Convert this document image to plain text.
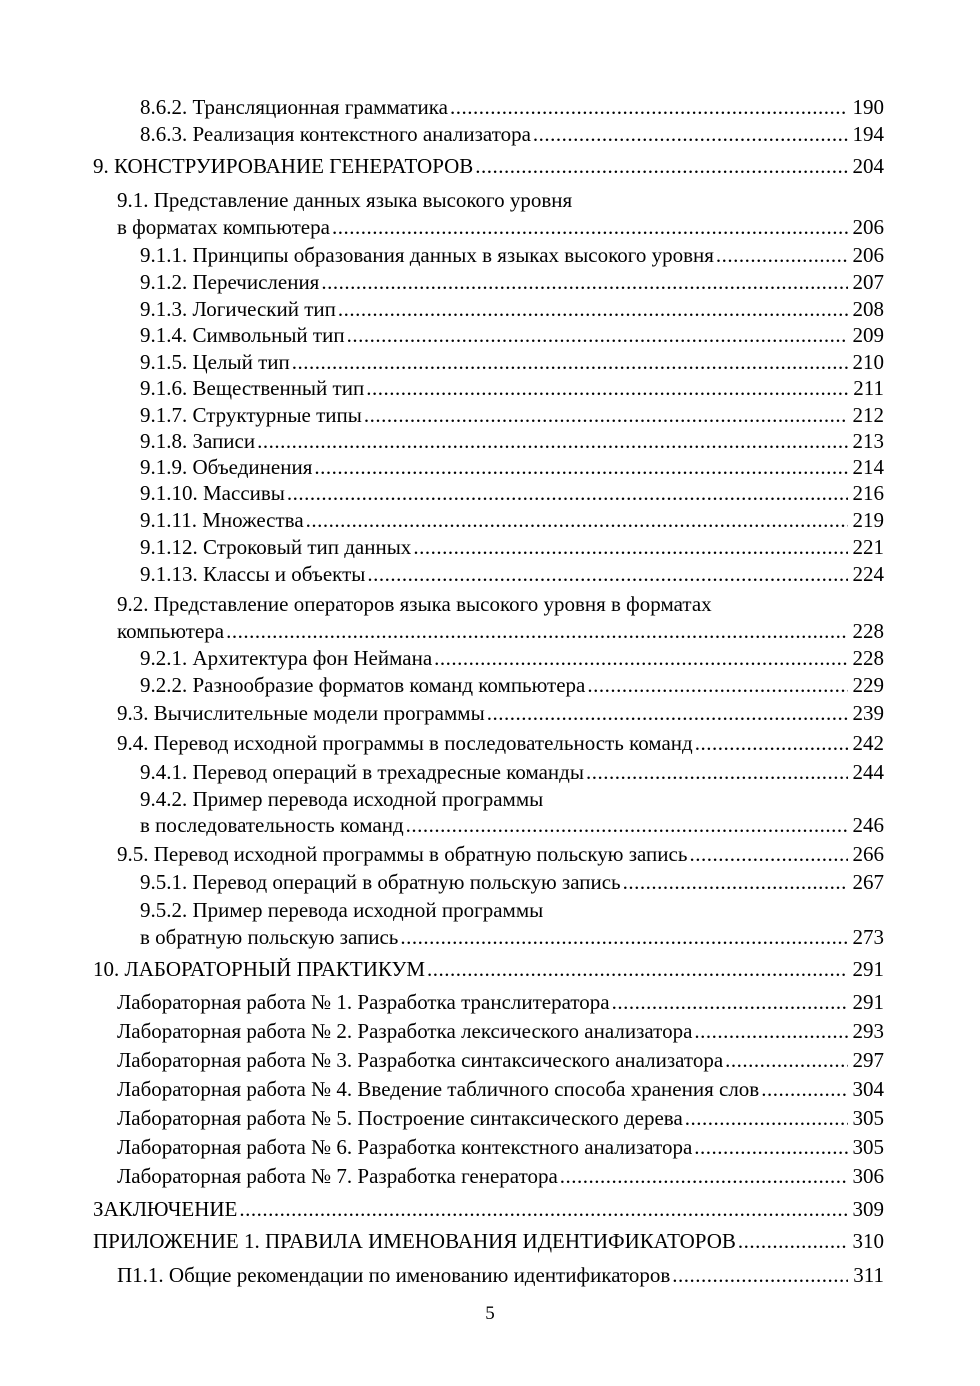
8.6.2. Трансляционная грамматика .....	190
8.6.3. Реализация контекстного анализатора .....	194
9. КОНСТРУИРОВАНИЕ ГЕНЕРАТОРОВ .....	204
9.1. Представление данных языка высокого уровня
в форматах компьютера .....	206
9.1.1. Принципы образования данных в языках высокого уровня .....	206
9.1.2. Перечисления .....	207
9.1.3. Логический тип .....	208
9.1.4. Символьный тип .....	209
9.1.5. Целый тип .....	210
9.1.6. Вещественный тип .....	211
9.1.7. Структурные типы .....	212
9.1.8. Записи .....	213
9.1.9. Объединения .....	214
9.1.10. Массивы .....	216
9.1.11. Множества .....	219
9.1.12. Строковый тип данных .....	221
9.1.13. Классы и объекты .....	224
9.2. Представление операторов языка высокого уровня в форматах
компьютера .....	228
9.2.1. Архитектура фон Неймана .....	228
9.2.2. Разнообразие форматов команд компьютера .....	229
9.3. Вычислительные модели программы .....	239
9.4. Перевод исходной программы в последовательность команд .....	242
9.4.1. Перевод операций в трехадресные команды .....	244
9.4.2. Пример перевода исходной программы
в последовательность команд .....	246
9.5. Перевод исходной программы в обратную польскую запись .....	266
9.5.1. Перевод операций в обратную польскую запись .....	267
9.5.2. Пример перевода исходной программы
в обратную польскую запись .....	273
10. ЛАБОРАТОРНЫЙ ПРАКТИКУМ .....	291
Лабораторная работа № 1. Разработка транслитератора .....	291
Лабораторная работа № 2. Разработка лексического анализатора .....	293
Лабораторная работа № 3. Разработка синтаксического анализатора .....	297
Лабораторная работа № 4. Введение табличного способа хранения слов .....	304
Лабораторная работа № 5. Построение синтаксического дерева .....	305
Лабораторная работа № 6. Разработка контекстного анализатора .....	305
Лабораторная работа № 7. Разработка генератора .....	306
ЗАКЛЮЧЕНИЕ .....	309
ПРИЛОЖЕНИЕ 1. ПРАВИЛА ИМЕНОВАНИЯ ИДЕНТИФИКАТОРОВ .....	310
П1.1. Общие рекомендации по именованию идентификаторов .....	311
5
